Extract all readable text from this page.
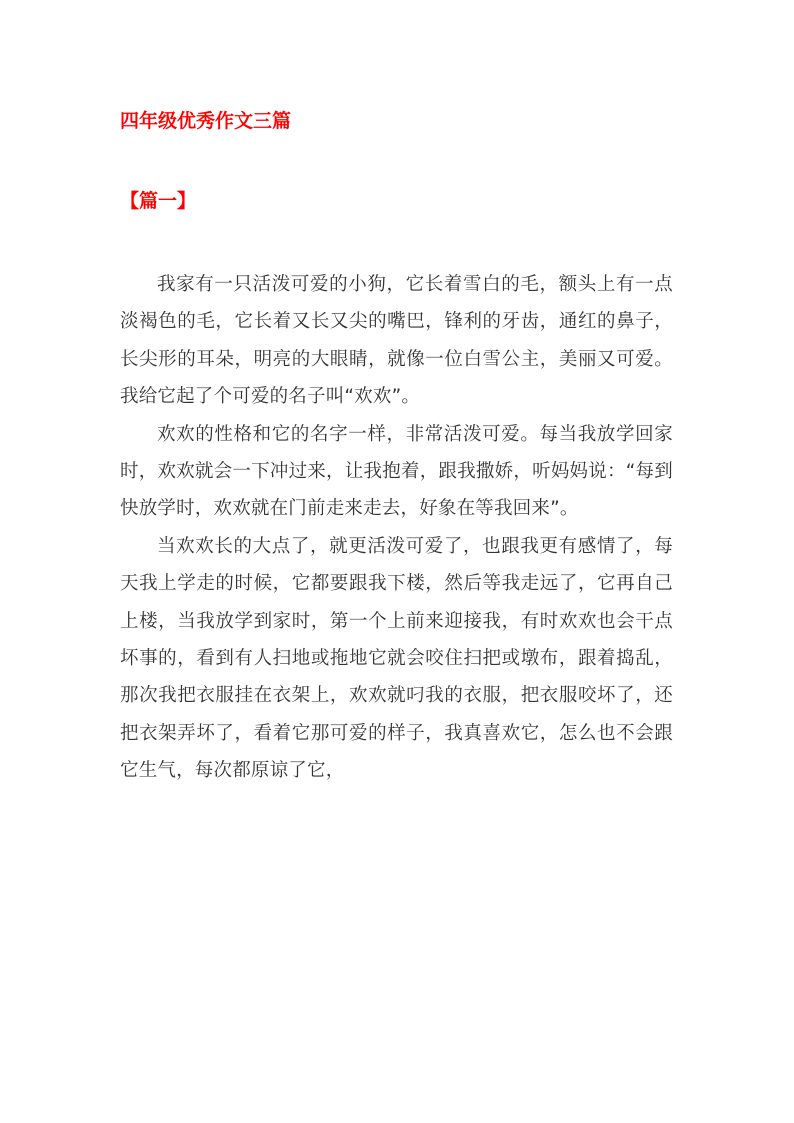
四年级优秀作文三篇
【篇一】

我家有一只活泼可爱的小狗，它长着雪白的毛，额头上有一点淡褐色的毛，它长着又长又尖的嘴巴，锋利的牙齿，通红的鼻子，长尖形的耳朵，明亮的大眼睛，就像一位白雪公主，美丽又可爱。我给它起了个可爱的名子叫“欢欢”。

欢欢的性格和它的名字一样，非常活泼可爱。每当我放学回家时，欢欢就会一下冲过来，让我抱着，跟我撒娇，听妈妈说：“每到快放学时，欢欢就在门前走来走去，好象在等我回来”。

当欢欢长的大点了，就更活泼可爱了，也跟我更有感情了，每天我上学走的时候，它都要跟我下楼，然后等我走远了，它再自己上楼，当我放学到家时，第一个上前来迎接我，有时欢欢也会干点坏事的，看到有人扫地或拖地它就会咬住扫把或墩布，跟着捣乱，那次我把衣服挂在衣架上，欢欢就叼我的衣服，把衣服咬坏了，还把衣架弄坏了，看着它那可爱的样子，我真喜欢它，怎么也不会跟它生气，每次都原谅了它，
